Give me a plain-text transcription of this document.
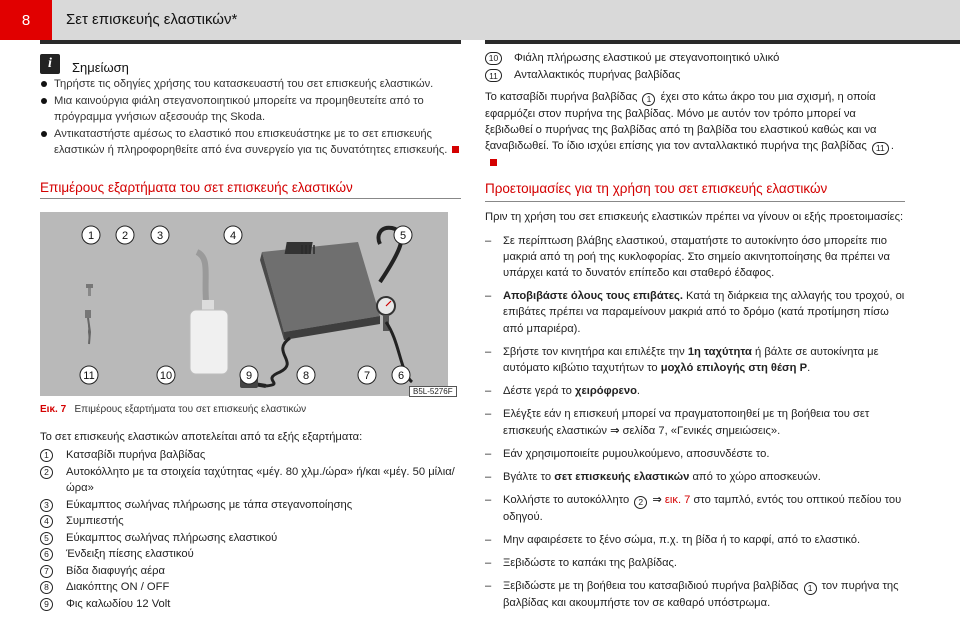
8	Σετ επισκευής ελαστικών*
i	Σημείωση
Τηρήστε τις οδηγίες χρήσης του κατασκευαστή του σετ επισκευής ελαστικών.
Μια καινούργια φιάλη στεγανοποιητικού μπορείτε να προμηθευτείτε από το πρόγραμμα γνήσιων αξεσουάρ της Skoda.
Αντικαταστήστε αμέσως το ελαστικό που επισκευάστηκε με το σετ επισκευής ελαστικών ή πληροφορηθείτε από ένα συνεργείο για τις δυνατότητες επισκευής.
Επιμέρους εξαρτήματα του σετ επισκευής ελαστικών
1	2	3	4	5
11	10	9	8	7	6
B5L-5276F
Εικ. 7 Επιμέρους εξαρτήματα του σετ επισκευής ελαστικών
Το σετ επισκευής ελαστικών αποτελείται από τα εξής εξαρτήματα:
1	Κατσαβίδι πυρήνα βαλβίδας
2	Αυτοκόλλητο με τα στοιχεία ταχύτητας «μέγ. 80 χλμ./ώρα» ή/και «μέγ. 50 μίλια/ώρα»
3	Εύκαμπτος σωλήνας πλήρωσης με τάπα στεγανοποίησης
4	Συμπιεστής
5	Εύκαμπτος σωλήνας πλήρωσης ελαστικού
6	Ένδειξη πίεσης ελαστικού
7	Βίδα διαφυγής αέρα
8	Διακόπτης ON / OFF
9	Φις καλωδίου 12 Volt
10	Φιάλη πλήρωσης ελαστικού με στεγανοποιητικό υλικό
11	Ανταλλακτικός πυρήνας βαλβίδας
Το κατσαβίδι πυρήνα βαλβίδας 1 έχει στο κάτω άκρο του μια σχισμή, η οποία εφαρμόζει στον πυρήνα της βαλβίδας. Μόνο με αυτόν τον τρόπο μπορεί να ξεβιδωθεί ο πυρήνας της βαλβίδας από τη βαλβίδα του ελαστικού καθώς και να ξαναβιδωθεί. Το ίδιο ισχύει επίσης για τον ανταλλακτικό πυρήνα της βαλβίδας 11 .
Προετοιμασίες για τη χρήση του σετ επισκευής ελαστικών
Πριν τη χρήση του σετ επισκευής ελαστικών πρέπει να γίνουν οι εξής προετοιμασίες:
– Σε περίπτωση βλάβης ελαστικού, σταματήστε το αυτοκίνητο όσο μπορείτε πιο μακριά από τη ροή της κυκλοφορίας. Στο σημείο ακινητοποίησης θα πρέπει να υπάρχει κατά το δυνατόν επίπεδο και σταθερό έδαφος.
– Αποβιβάστε όλους τους επιβάτες. Κατά τη διάρκεια της αλλαγής του τροχού, οι επιβάτες πρέπει να παραμείνουν μακριά από το δρόμο (κατά προτίμηση πίσω από μπαριέρα).
– Σβήστε τον κινητήρα και επιλέξτε την 1η ταχύτητα ή βάλτε σε αυτοκίνητα με αυτόματο κιβώτιο ταχυτήτων το μοχλό επιλογής στη θέση P.
– Δέστε γερά το χειρόφρενο.
– Ελέγξτε εάν η επισκευή μπορεί να πραγματοποιηθεί με τη βοήθεια του σετ επισκευής ελαστικών ⇒ σελίδα 7, «Γενικές σημειώσεις».
– Εάν χρησιμοποιείτε ρυμουλκούμενο, αποσυνδέστε το.
– Βγάλτε το σετ επισκευής ελαστικών από το χώρο αποσκευών.
– Κολλήστε το αυτοκόλλητο 2 ⇒ εικ. 7 στο ταμπλό, εντός του οπτικού πεδίου του οδηγού.
– Μην αφαιρέσετε το ξένο σώμα, π.χ. τη βίδα ή το καρφί, από το ελαστικό.
– Ξεβιδώστε το καπάκι της βαλβίδας.
– Ξεβιδώστε με τη βοήθεια του κατσαβιδιού πυρήνα βαλβίδας 1 τον πυρήνα της βαλβίδας και ακουμπήστε τον σε καθαρό υπόστρωμα.
